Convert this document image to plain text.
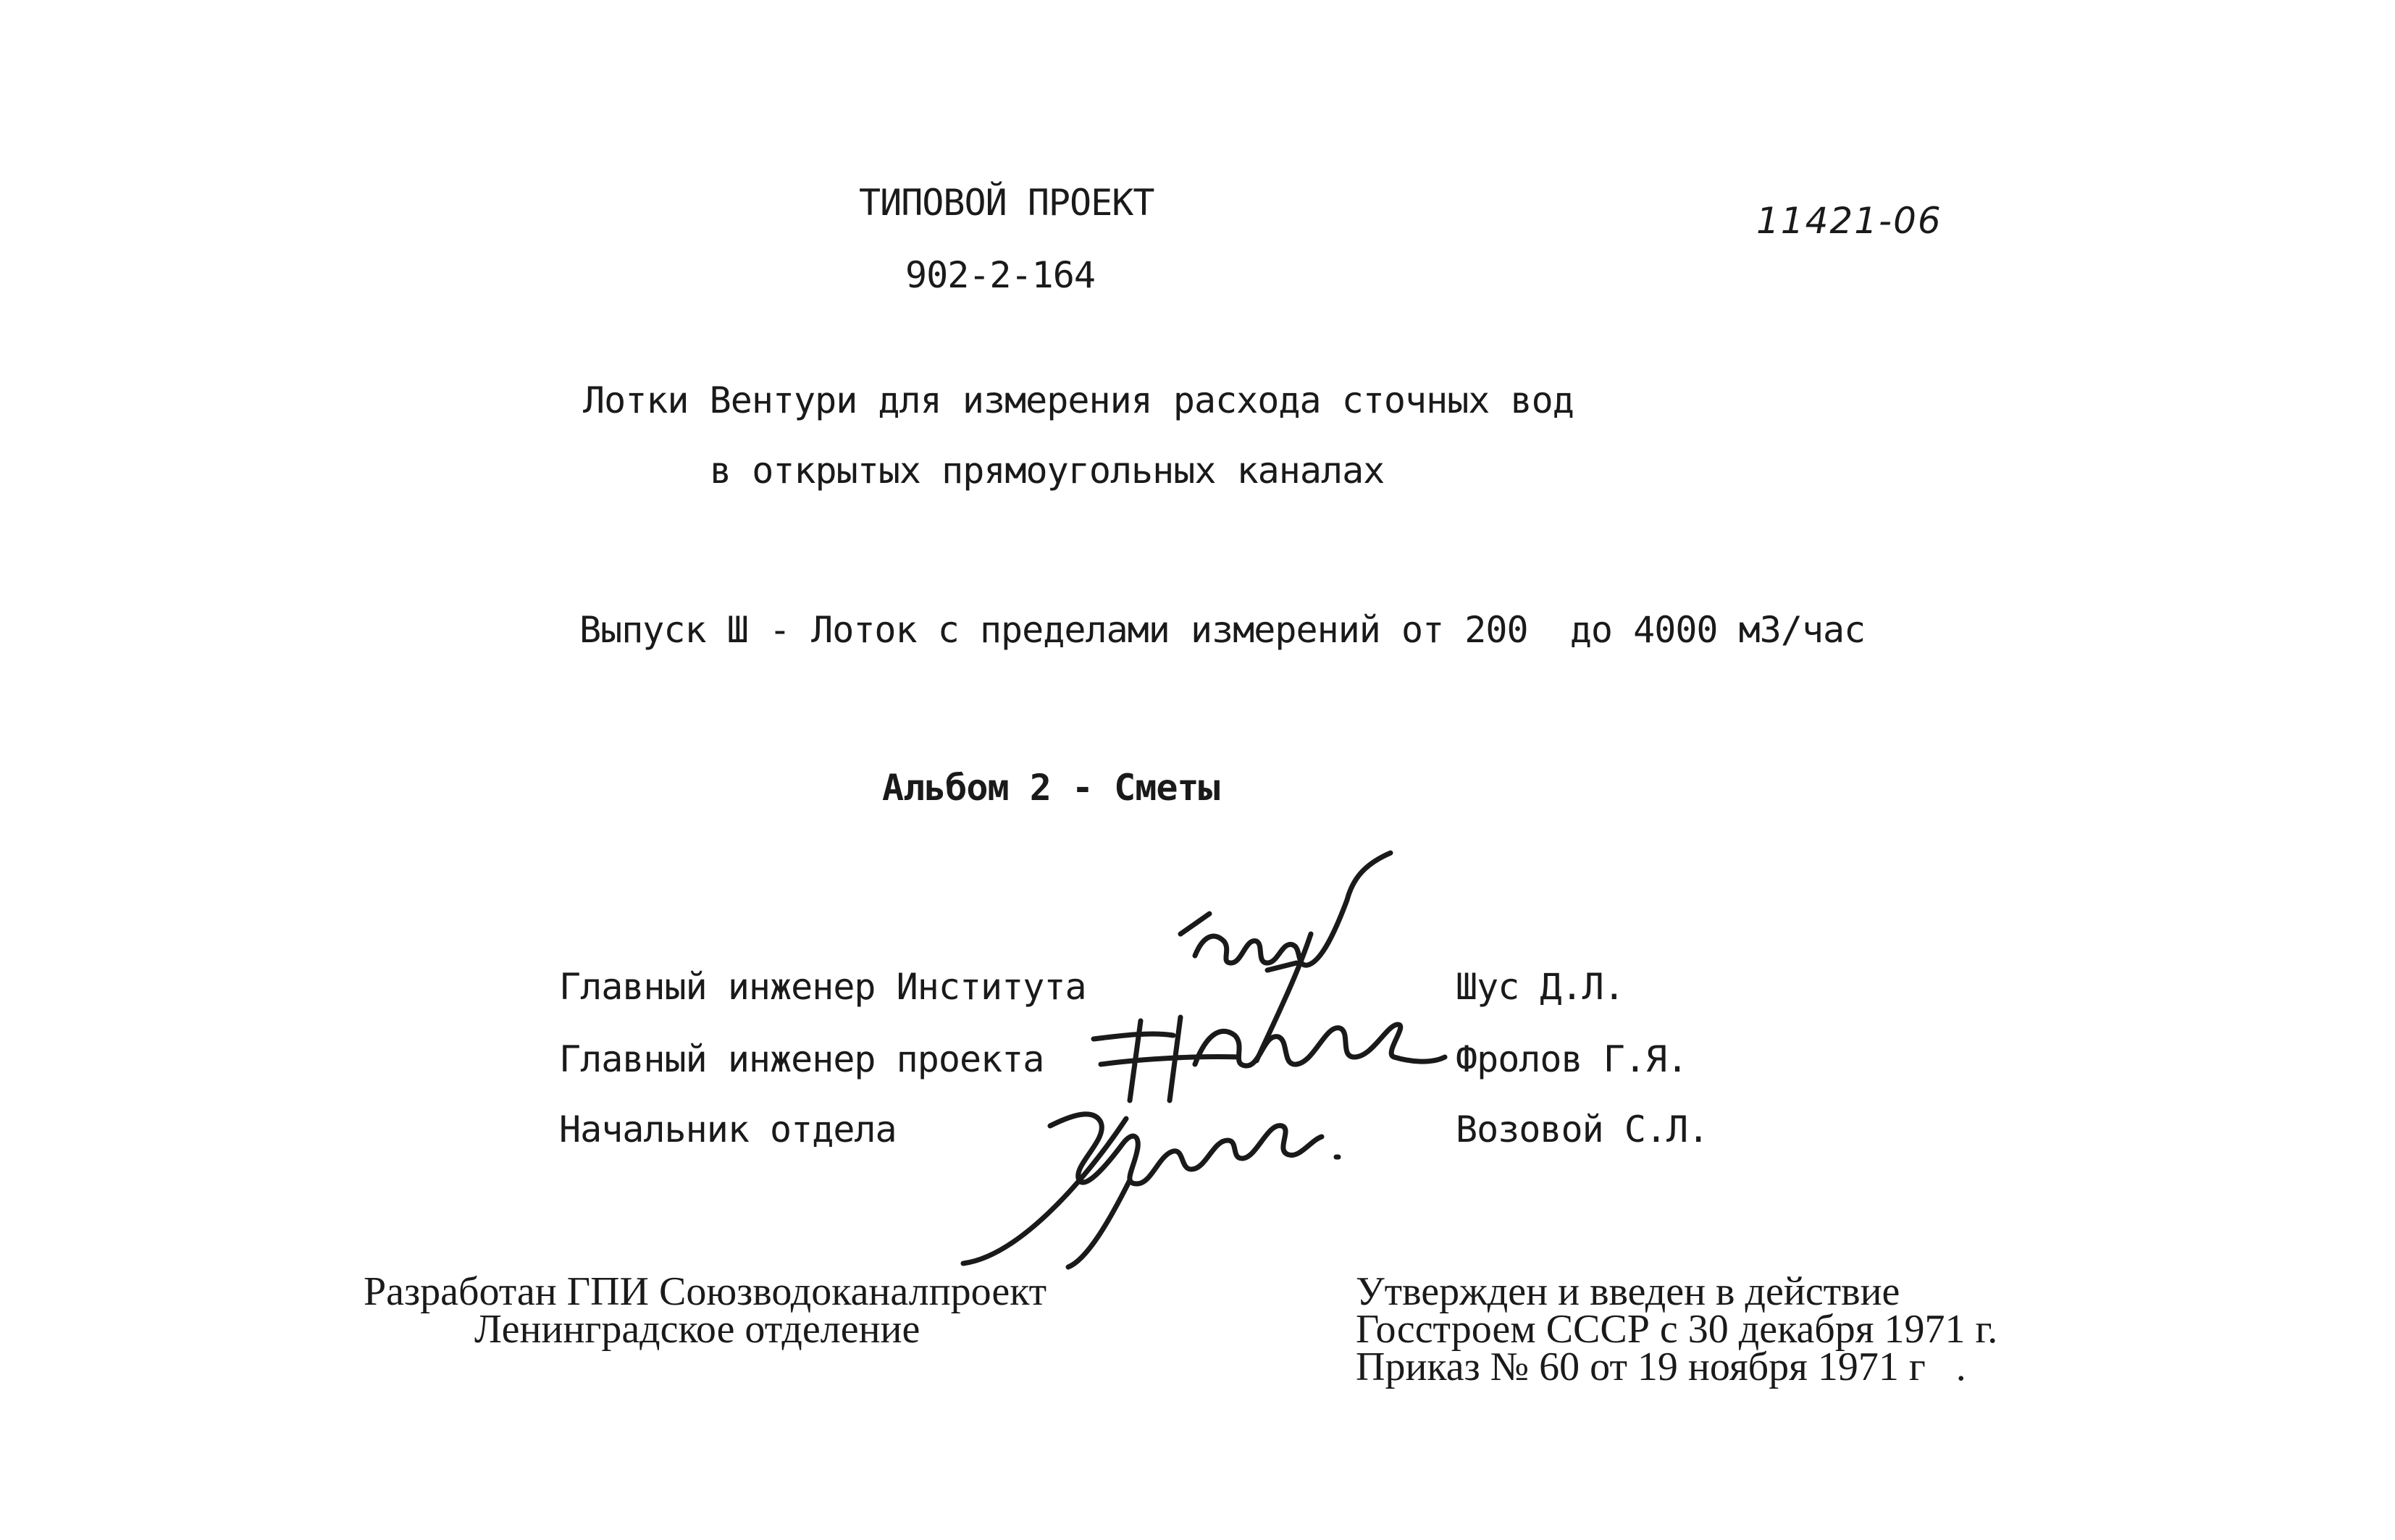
ТИПОВОЙ ПРОЕКТ
902-2-164
11421-06
Лотки Вентури для измерения расхода сточных вод
в открытых прямоугольных каналах
Выпуск Ш - Лоток с пределами измерений от 200  до 4000 м3/час
Альбом 2 - Сметы
Главный инженер Института	Шус Д.Л.
Главный инженер проекта	Фролов Г.Я.
Начальник отдела	Возовой С.Л.
Разработан ГПИ Союзводоканалпроект
Ленинградское отделение
Утвержден и введен в действие
Госстроем СССР с 30 декабря 1971 г.
Приказ № 60 от 19 ноября 1971 г   .
